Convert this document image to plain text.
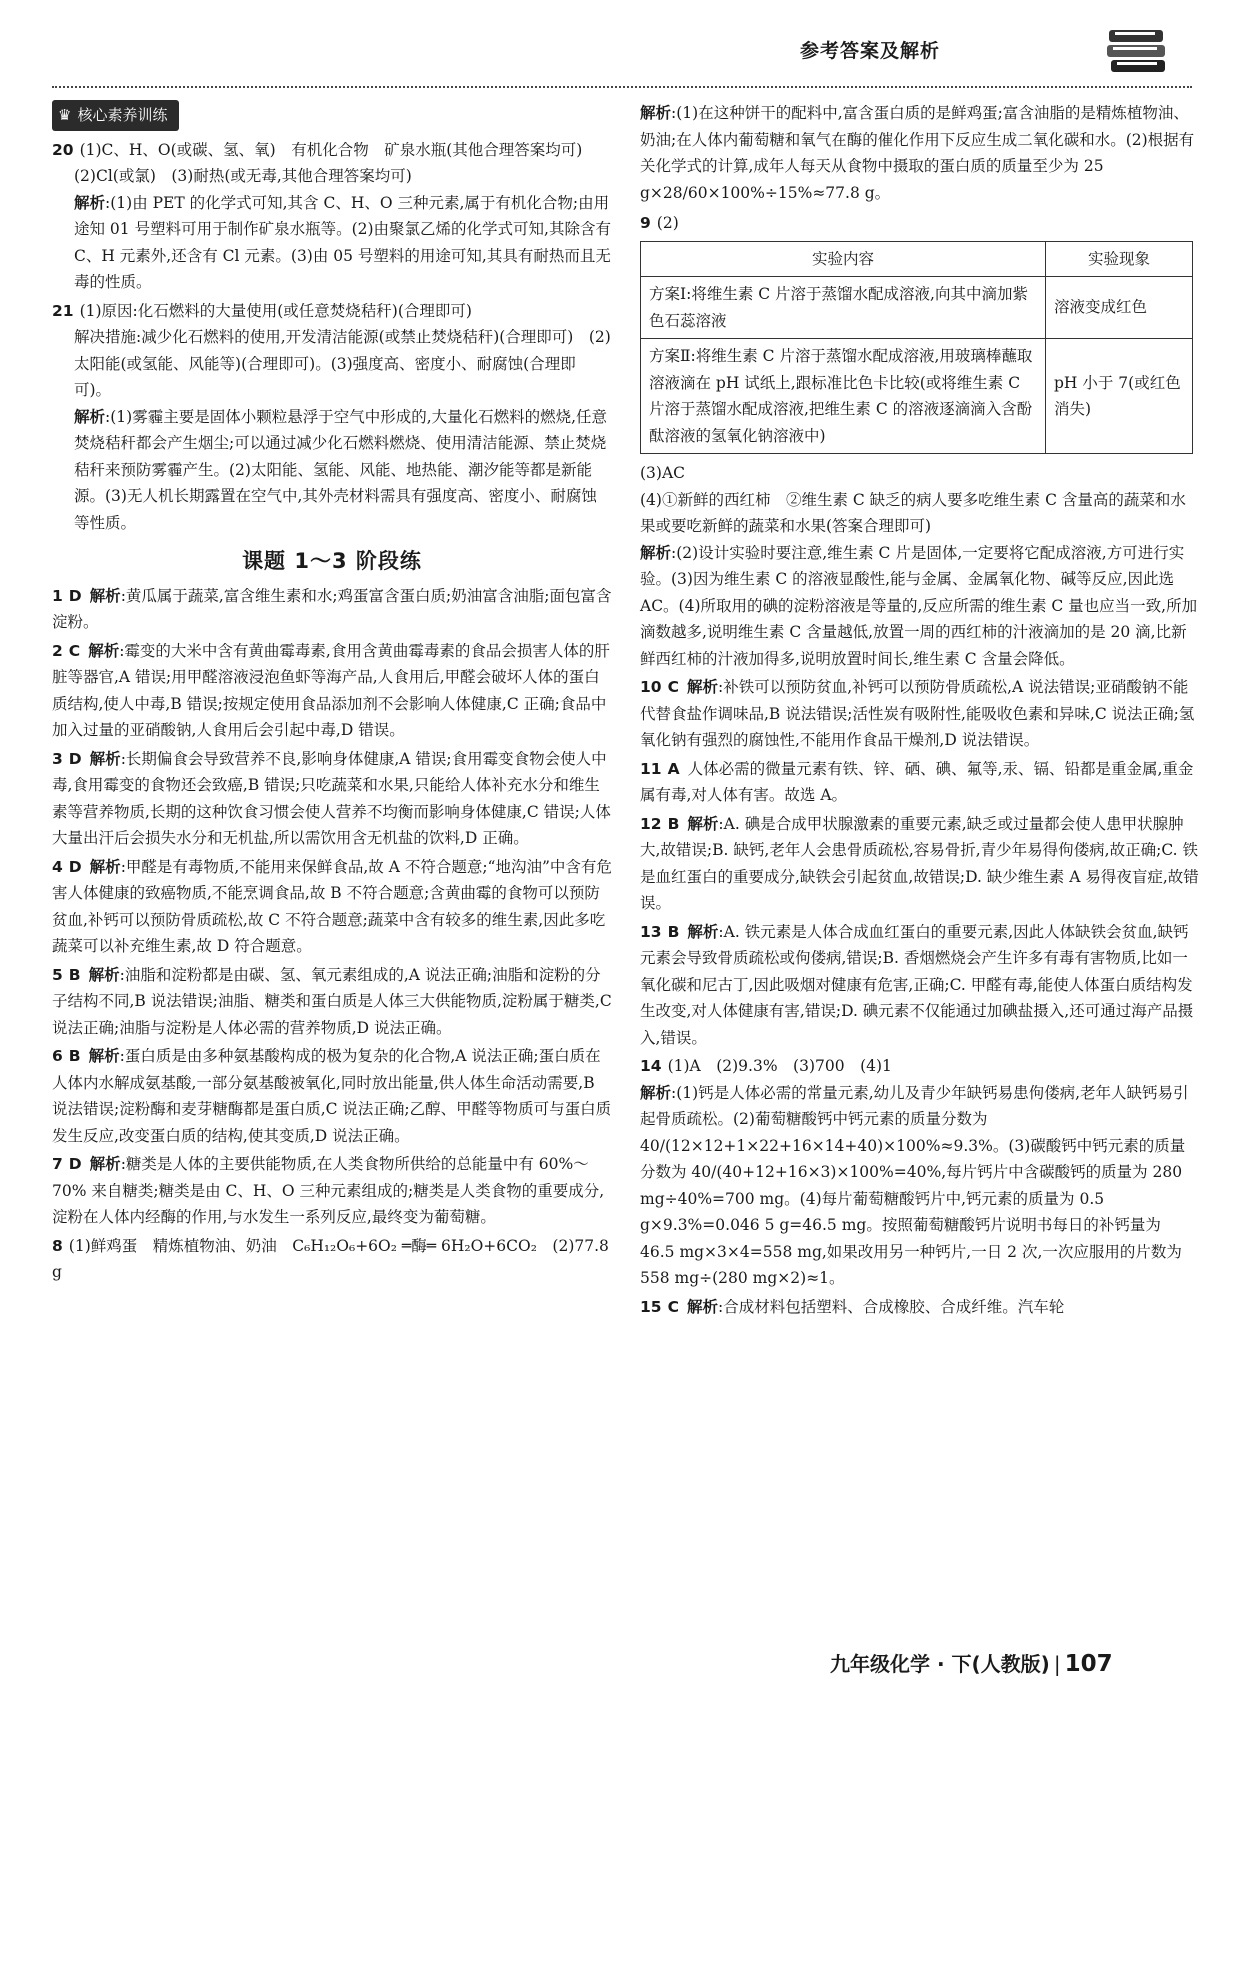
参考答案及解析
♛ 核心素养训练
20 (1)C、H、O(或碳、氢、氧)　有机化合物　矿泉水瓶(其他合理答案均可)

(2)Cl(或氯)　(3)耐热(或无毒,其他合理答案均可)

解析:(1)由 PET 的化学式可知,其含 C、H、O 三种元素,属于有机化合物;由用途知 01 号塑料可用于制作矿泉水瓶等。(2)由聚氯乙烯的化学式可知,其除含有 C、H 元素外,还含有 Cl 元素。(3)由 05 号塑料的用途可知,其具有耐热而且无毒的性质。

21 (1)原因:化石燃料的大量使用(或任意焚烧秸秆)(合理即可)

解决措施:减少化石燃料的使用,开发清洁能源(或禁止焚烧秸秆)(合理即可)　(2)太阳能(或氢能、风能等)(合理即可)。(3)强度高、密度小、耐腐蚀(合理即可)。

解析:(1)雾霾主要是固体小颗粒悬浮于空气中形成的,大量化石燃料的燃烧,任意焚烧秸秆都会产生烟尘;可以通过减少化石燃料燃烧、使用清洁能源、禁止焚烧秸秆来预防雾霾产生。(2)太阳能、氢能、风能、地热能、潮汐能等都是新能源。(3)无人机长期露置在空气中,其外壳材料需具有强度高、密度小、耐腐蚀等性质。

课题 1～3 阶段练
1 D 解析:黄瓜属于蔬菜,富含维生素和水;鸡蛋富含蛋白质;奶油富含油脂;面包富含淀粉。
2 C 解析:霉变的大米中含有黄曲霉毒素,食用含黄曲霉毒素的食品会损害人体的肝脏等器官,A 错误;用甲醛溶液浸泡鱼虾等海产品,人食用后,甲醛会破坏人体的蛋白质结构,使人中毒,B 错误;按规定使用食品添加剂不会影响人体健康,C 正确;食品中加入过量的亚硝酸钠,人食用后会引起中毒,D 错误。
3 D 解析:长期偏食会导致营养不良,影响身体健康,A 错误;食用霉变食物会使人中毒,食用霉变的食物还会致癌,B 错误;只吃蔬菜和水果,只能给人体补充水分和维生素等营养物质,长期的这种饮食习惯会使人营养不均衡而影响身体健康,C 错误;人体大量出汗后会损失水分和无机盐,所以需饮用含无机盐的饮料,D 正确。
4 D 解析:甲醛是有毒物质,不能用来保鲜食品,故 A 不符合题意;“地沟油”中含有危害人体健康的致癌物质,不能烹调食品,故 B 不符合题意;含黄曲霉的食物可以预防贫血,补钙可以预防骨质疏松,故 C 不符合题意;蔬菜中含有较多的维生素,因此多吃蔬菜可以补充维生素,故 D 符合题意。
5 B 解析:油脂和淀粉都是由碳、氢、氧元素组成的,A 说法正确;油脂和淀粉的分子结构不同,B 说法错误;油脂、糖类和蛋白质是人体三大供能物质,淀粉属于糖类,C 说法正确;油脂与淀粉是人体必需的营养物质,D 说法正确。
6 B 解析:蛋白质是由多种氨基酸构成的极为复杂的化合物,A 说法正确;蛋白质在人体内水解成氨基酸,一部分氨基酸被氧化,同时放出能量,供人体生命活动需要,B 说法错误;淀粉酶和麦芽糖酶都是蛋白质,C 说法正确;乙醇、甲醛等物质可与蛋白质发生反应,改变蛋白质的结构,使其变质,D 说法正确。
7 D 解析:糖类是人体的主要供能物质,在人类食物所供给的总能量中有 60%～70% 来自糖类;糖类是由 C、H、O 三种元素组成的;糖类是人类食物的重要成分,淀粉在人体内经酶的作用,与水发生一系列反应,最终变为葡萄糖。
8 (1)鲜鸡蛋　精炼植物油、奶油　C₆H₁₂O₆+6O₂ ═酶═ 6H₂O+6CO₂　(2)77.8 g

解析:(1)在这种饼干的配料中,富含蛋白质的是鲜鸡蛋;富含油脂的是精炼植物油、奶油;在人体内葡萄糖和氧气在酶的催化作用下反应生成二氧化碳和水。(2)根据有关化学式的计算,成年人每天从食物中摄取的蛋白质的质量至少为 25 g×28/60×100%÷15%≈77.8 g。

9 (2)
实验内容	实验现象
方案Ⅰ:将维生素 C 片溶于蒸馏水配成溶液,向其中滴加紫色石蕊溶液	溶液变成红色
方案Ⅱ:将维生素 C 片溶于蒸馏水配成溶液,用玻璃棒蘸取溶液滴在 pH 试纸上,跟标准比色卡比较(或将维生素 C 片溶于蒸馏水配成溶液,把维生素 C 的溶液逐滴滴入含酚酞溶液的氢氧化钠溶液中)	pH 小于 7(或红色消失)
(3)AC
(4)①新鲜的西红柿　②维生素 C 缺乏的病人要多吃维生素 C 含量高的蔬菜和水果或要吃新鲜的蔬菜和水果(答案合理即可)

解析:(2)设计实验时要注意,维生素 C 片是固体,一定要将它配成溶液,方可进行实验。(3)因为维生素 C 的溶液显酸性,能与金属、金属氧化物、碱等反应,因此选 AC。(4)所取用的碘的淀粉溶液是等量的,反应所需的维生素 C 量也应当一致,所加滴数越多,说明维生素 C 含量越低,放置一周的西红柿的汁液滴加的是 20 滴,比新鲜西红柿的汁液加得多,说明放置时间长,维生素 C 含量会降低。

10 C 解析:补铁可以预防贫血,补钙可以预防骨质疏松,A 说法错误;亚硝酸钠不能代替食盐作调味品,B 说法错误;活性炭有吸附性,能吸收色素和异味,C 说法正确;氢氧化钠有强烈的腐蚀性,不能用作食品干燥剂,D 说法错误。
11 A 人体必需的微量元素有铁、锌、硒、碘、氟等,汞、镉、铅都是重金属,重金属有毒,对人体有害。故选 A。
12 B 解析:A. 碘是合成甲状腺激素的重要元素,缺乏或过量都会使人患甲状腺肿大,故错误;B. 缺钙,老年人会患骨质疏松,容易骨折,青少年易得佝偻病,故正确;C. 铁是血红蛋白的重要成分,缺铁会引起贫血,故错误;D. 缺少维生素 A 易得夜盲症,故错误。
13 B 解析:A. 铁元素是人体合成血红蛋白的重要元素,因此人体缺铁会贫血,缺钙元素会导致骨质疏松或佝偻病,错误;B. 香烟燃烧会产生许多有毒有害物质,比如一氧化碳和尼古丁,因此吸烟对健康有危害,正确;C. 甲醛有毒,能使人体蛋白质结构发生改变,对人体健康有害,错误;D. 碘元素不仅能通过加碘盐摄入,还可通过海产品摄入,错误。
14 (1)A　(2)9.3%　(3)700　(4)1

解析:(1)钙是人体必需的常量元素,幼儿及青少年缺钙易患佝偻病,老年人缺钙易引起骨质疏松。(2)葡萄糖酸钙中钙元素的质量分数为 40/(12×12+1×22+16×14+40)×100%≈9.3%。(3)碳酸钙中钙元素的质量分数为 40/(40+12+16×3)×100%=40%,每片钙片中含碳酸钙的质量为 280 mg÷40%=700 mg。(4)每片葡萄糖酸钙片中,钙元素的质量为 0.5 g×9.3%=0.046 5 g=46.5 mg。按照葡萄糖酸钙片说明书每日的补钙量为 46.5 mg×3×4=558 mg,如果改用另一种钙片,一日 2 次,一次应服用的片数为 558 mg÷(280 mg×2)≈1。

15 C 解析:合成材料包括塑料、合成橡胶、合成纤维。汽车轮
九年级化学 · 下(人教版) | 107
